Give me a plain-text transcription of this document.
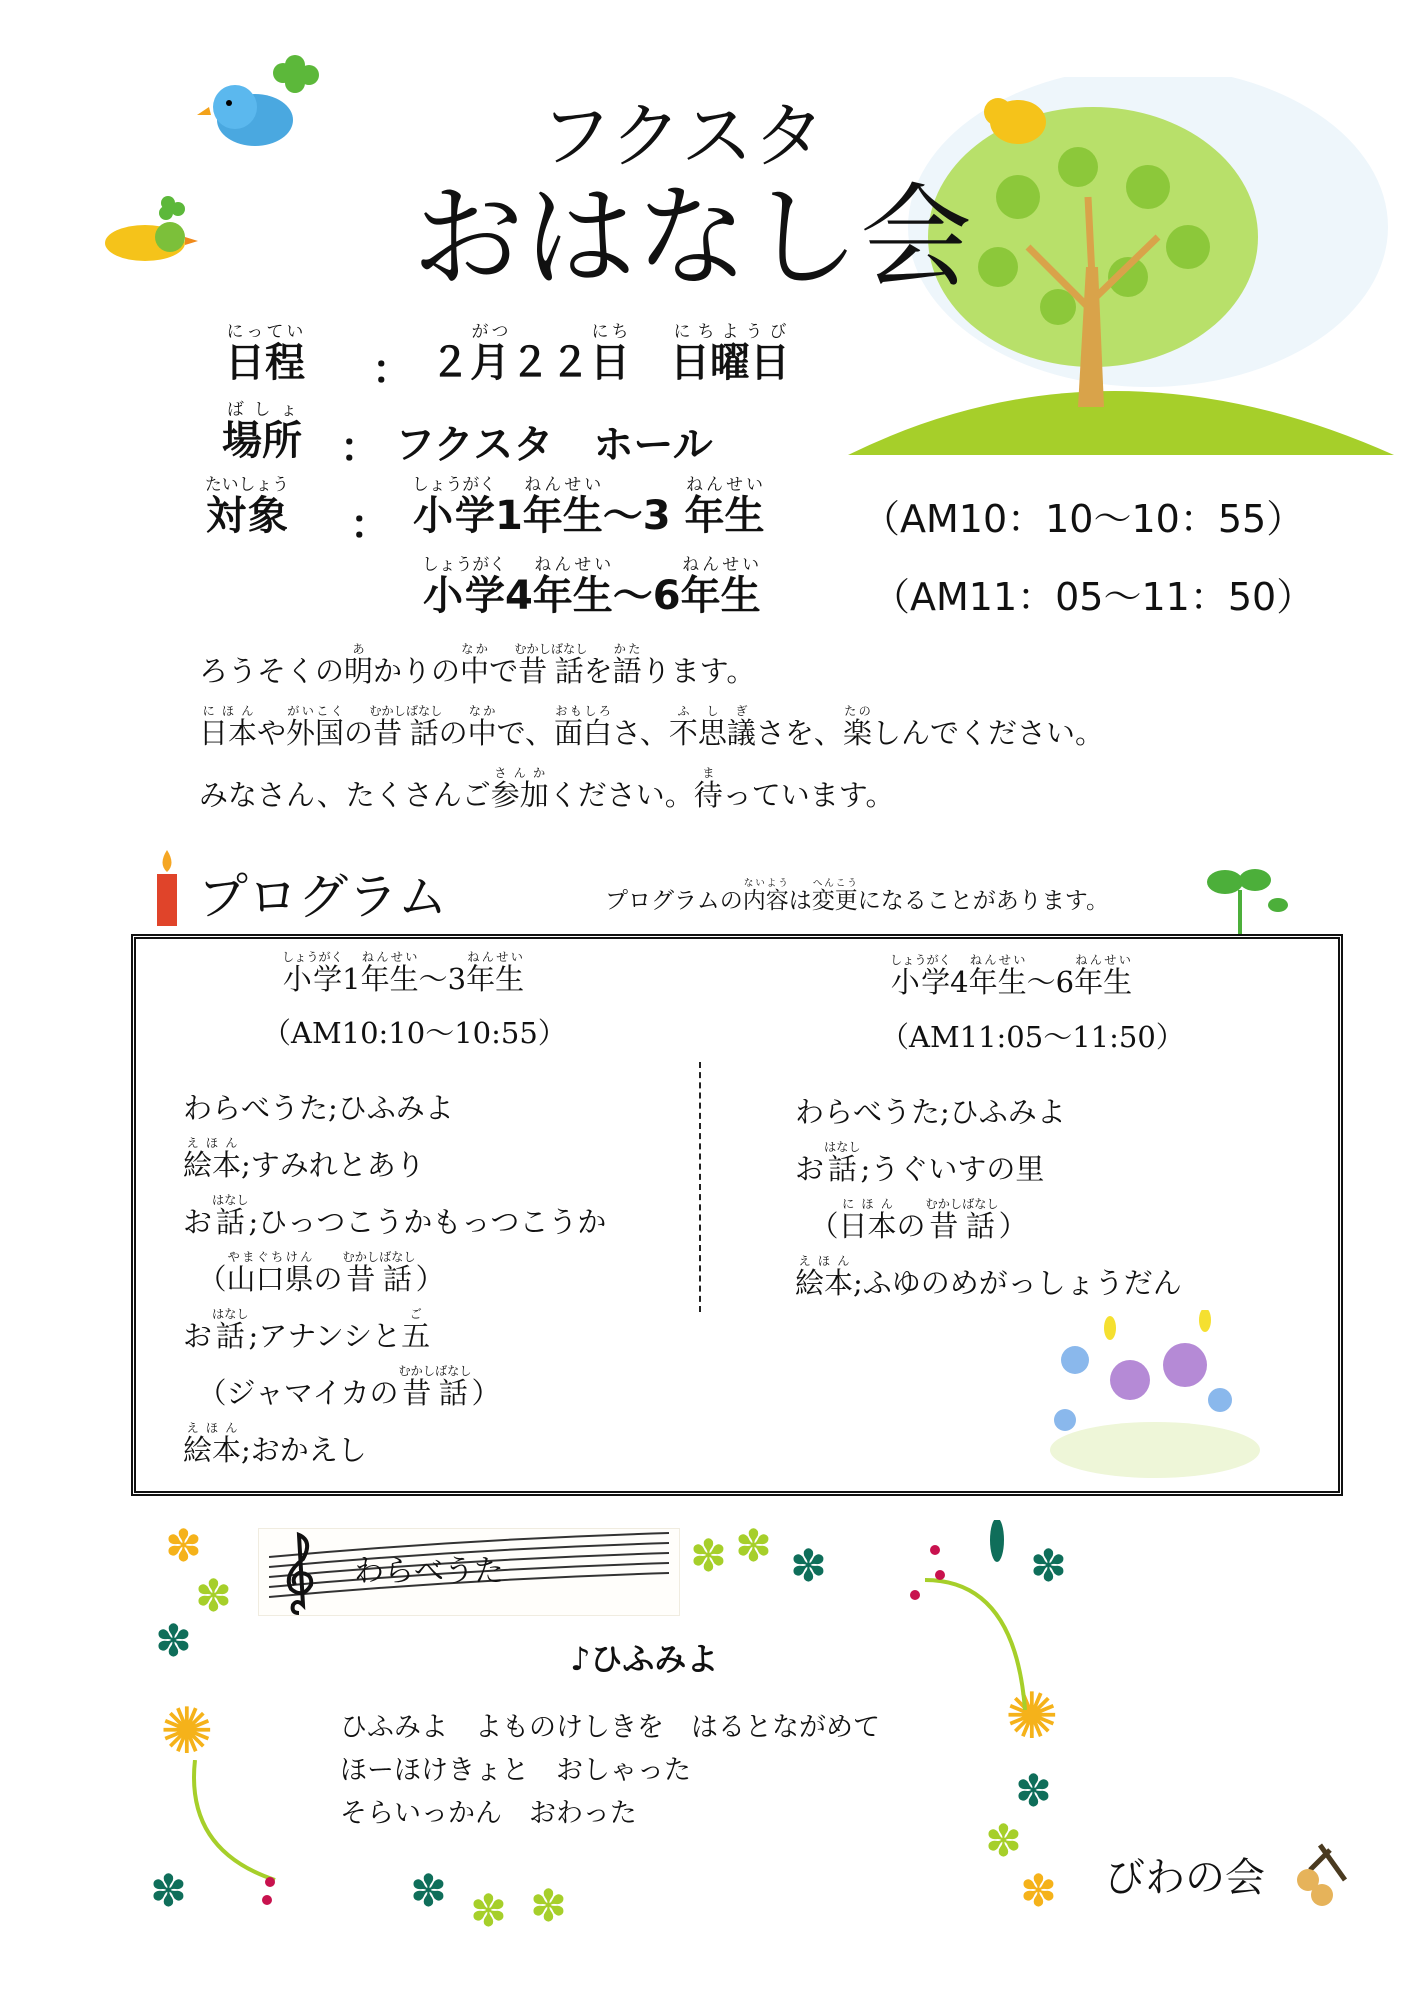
フクスタ
おはなし会
日程にってい
： ２月がつ２２日にち　日曜日にちようび
場所ばしょ
： フクスタ　ホール
対象たいしょう
： 小学しょうがく1年生ねんせい～3 年生ねんせい
（AM10：10～10：55）
小学しょうがく4年生ねんせい～6年生ねんせい
（AM11：05～11：50）
ろうそくの明あかりの中なかで昔話むかしばなしを語かたります。
日本にほんや外国がいこくの昔話むかしばなしの中なかで、面白おもしろさ、不思議ふしぎさを、楽たのしんでください。
みなさん、たくさんご参加さんかください。待まっています。
プログラム	プログラムの内容ないようは変更へんこうになることがあります。
小学しょうがく1年生ねんせい～3年生ねんせい
（AM10:10～10:55）
わらべうた;ひふみよ
絵本えほん
;すみれとあり
お 話はなし
;ひっつこうかもっつこうか
　（ 山口県やまぐちけん
の 昔話むかしばなし
）
お 話はなし
;アナンシと 五ご
　（ジャマイカの 昔話むかしばなし
）
絵本えほん
;おかえし
小学しょうがく4年生ねんせい～6年生ねんせい
（AM11:05～11:50）
わらべうた;ひふみよ
お 話はなし
;うぐいすの里
　（ 日本にほん
の 昔話むかしばなし
）
絵本えほん
;ふゆのめがっしょうだん
わらべうた
♪ひふみよ
ひふみよ　よものけしきを　はるとながめて
ほーほけきょと　おしゃった
そらいっかん　おわった
びわの会
✽
✽
✽
✺
✽ ✽ ✽	✽
✺
✽
✽
✽
✽	✽ ✽ ✽
